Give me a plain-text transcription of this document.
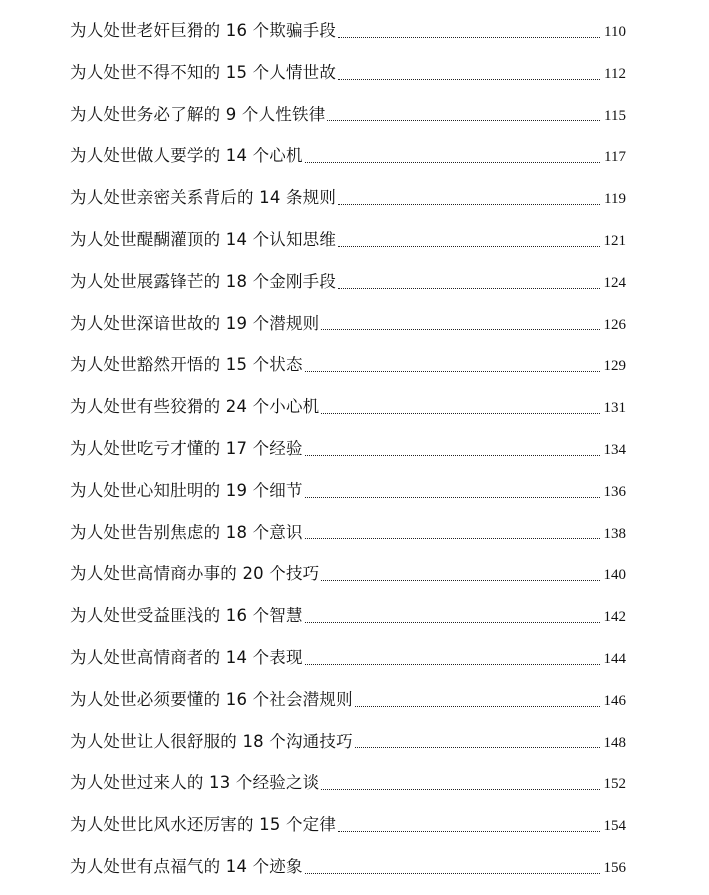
为人处世老奸巨猾的 16 个欺骗手段	110
为人处世不得不知的 15 个人情世故	112
为人处世务必了解的 9 个人性铁律	115
为人处世做人要学的 14 个心机	117
为人处世亲密关系背后的 14 条规则	119
为人处世醍醐灌顶的 14 个认知思维	121
为人处世展露锋芒的 18 个金刚手段	124
为人处世深谙世故的 19 个潜规则	126
为人处世豁然开悟的 15 个状态	129
为人处世有些狡猾的 24 个小心机	131
为人处世吃亏才懂的 17 个经验	134
为人处世心知肚明的 19 个细节	136
为人处世告别焦虑的 18 个意识	138
为人处世高情商办事的 20 个技巧	140
为人处世受益匪浅的 16 个智慧	142
为人处世高情商者的 14 个表现	144
为人处世必须要懂的 16 个社会潜规则	146
为人处世让人很舒服的 18 个沟通技巧	148
为人处世过来人的 13 个经验之谈	152
为人处世比风水还厉害的 15 个定律	154
为人处世有点福气的 14 个迹象	156
